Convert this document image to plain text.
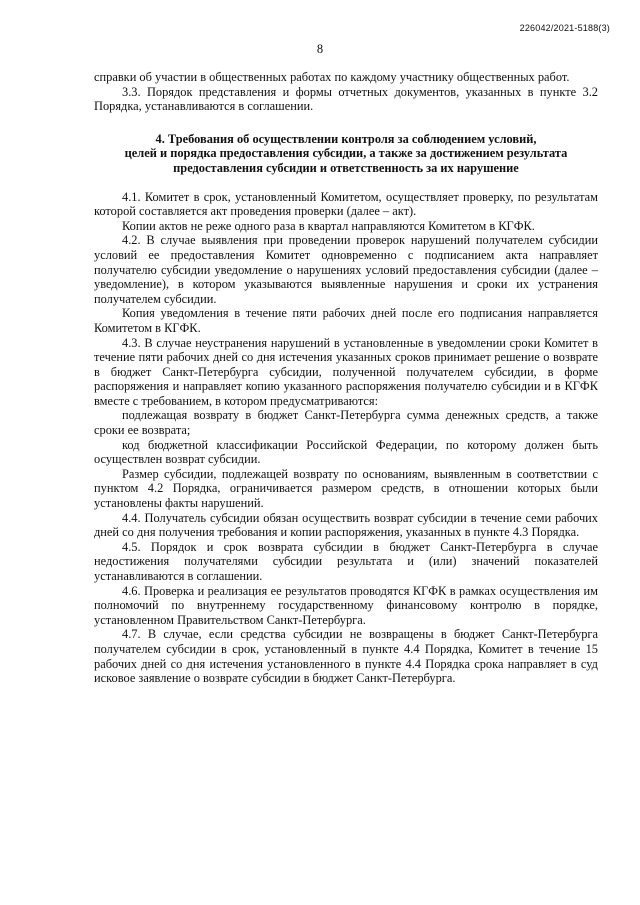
226042/2021-5188(3)
8

справки об участии в общественных работах по каждому участнику общественных работ.

3.3. Порядок представления и формы отчетных документов, указанных в пункте 3.2 Порядка, устанавливаются в соглашении.

4. Требования об осуществлении контроля за соблюдением условий,
целей и порядка предоставления субсидии, а также за достижением результата
предоставления субсидии и ответственность за их нарушение

4.1. Комитет в срок, установленный Комитетом, осуществляет проверку, по результатам которой составляется акт проведения проверки (далее – акт).

Копии актов не реже одного раза в квартал направляются Комитетом в КГФК.

4.2. В случае выявления при проведении проверок нарушений получателем субсидии условий ее предоставления Комитет одновременно с подписанием акта направляет получателю субсидии уведомление о нарушениях условий предоставления субсидии (далее – уведомление), в котором указываются выявленные нарушения и сроки их устранения получателем субсидии.

Копия уведомления в течение пяти рабочих дней после его подписания направляется Комитетом в КГФК.

4.3. В случае неустранения нарушений в установленные в уведомлении сроки Комитет в течение пяти рабочих дней со дня истечения указанных сроков принимает решение о возврате в бюджет Санкт-Петербурга субсидии, полученной получателем субсидии, в форме распоряжения и направляет копию указанного распоряжения получателю субсидии и в КГФК вместе с требованием, в котором предусматриваются:

подлежащая возврату в бюджет Санкт-Петербурга сумма денежных средств, а также сроки ее возврата;

код бюджетной классификации Российской Федерации, по которому должен быть осуществлен возврат субсидии.

Размер субсидии, подлежащей возврату по основаниям, выявленным в соответствии с пунктом 4.2 Порядка, ограничивается размером средств, в отношении которых были установлены факты нарушений.

4.4. Получатель субсидии обязан осуществить возврат субсидии в течение семи рабочих дней со дня получения требования и копии распоряжения, указанных в пункте 4.3 Порядка.

4.5. Порядок и срок возврата субсидии в бюджет Санкт-Петербурга в случае недостижения получателями субсидии результата и (или) значений показателей устанавливаются в соглашении.

4.6. Проверка и реализация ее результатов проводятся КГФК в рамках осуществления им полномочий по внутреннему государственному финансовому контролю в порядке, установленном Правительством Санкт-Петербурга.

4.7. В случае, если средства субсидии не возвращены в бюджет Санкт-Петербурга получателем субсидии в срок, установленный в пункте 4.4 Порядка, Комитет в течение 15 рабочих дней со дня истечения установленного в пункте 4.4 Порядка срока направляет в суд исковое заявление о возврате субсидии в бюджет Санкт-Петербурга.
